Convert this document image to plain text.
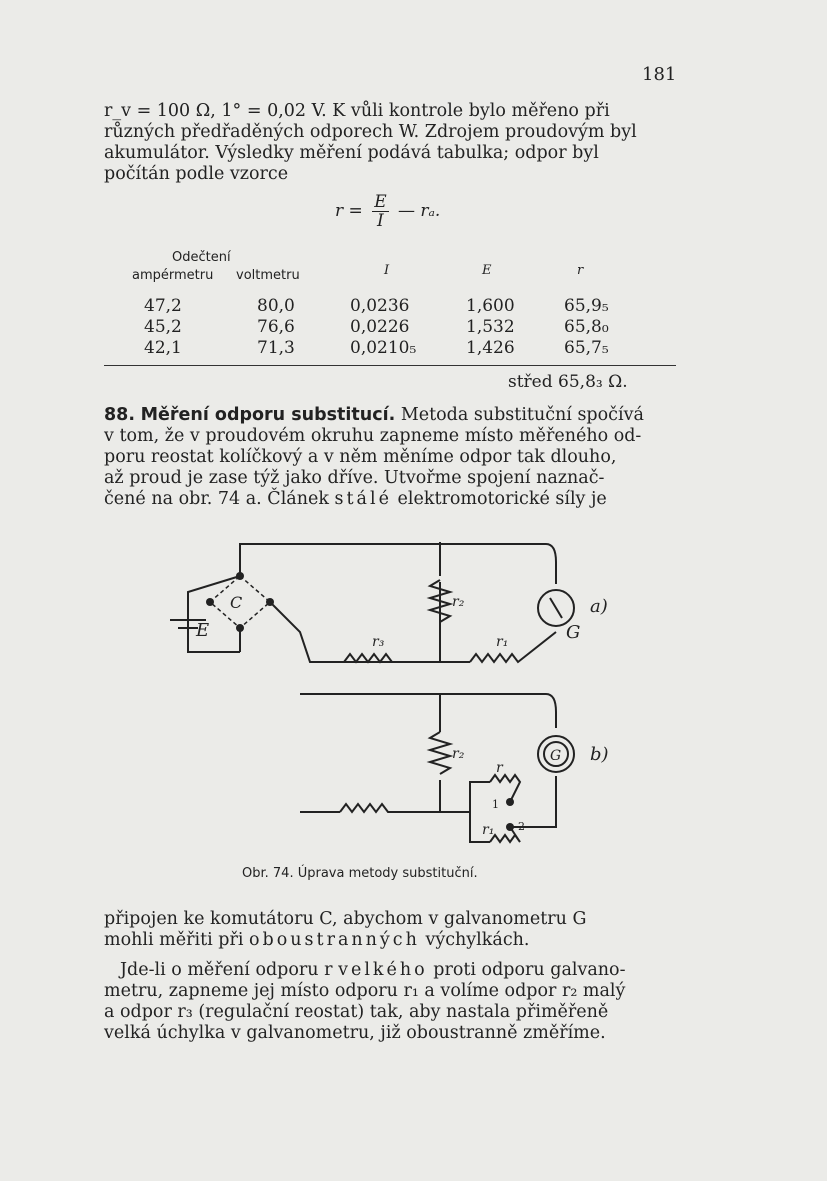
181

r_v = 100 Ω, 1° = 0,02 V. K vůli kontrole bylo měřeno při

různých předřaděných odporech W. Zdrojem proudovým byl

akumulátor. Výsledky měření podává tabulka; odpor byl

počítán podle vzorce

$r = \frac{E}{I}$ — rₐ.
Odečtení
ampérmetru voltmetru	I	E	r
47,2	80,0	0,0236	1,600	65,9₅
45,2	76,6	0,0226	1,532	65,8₀
42,1	71,3	0,0210₅	1,426	65,7₅
střed 65,8₃ Ω.

88. Měření odporu substitucí. Metoda substituční spočívá

v tom, že v proudovém okruhu zapneme místo měřeného od-

poru reostat kolíčkový a v něm měníme odpor tak dlouho,

až proud je zase týž jako dříve. Utvořme spojení naznač-

čené na obr. 74 a. Článek stálé elektromotorické síly je

E
C	r₂
r₃	r₁	G
a)
r₂
r
1
2
r₁
G b)
Obr. 74. Úprava metody substituční.

připojen ke komutátoru C, abychom v galvanometru G

mohli měřiti při oboustranných výchylkách.

Jde-li o měření odporu r velkého proti odporu galvano-

metru, zapneme jej místo odporu r₁ a volíme odpor r₂ malý

a odpor r₃ (regulační reostat) tak, aby nastala přiměřeně

velká úchylka v galvanometru, již oboustranně změříme.
